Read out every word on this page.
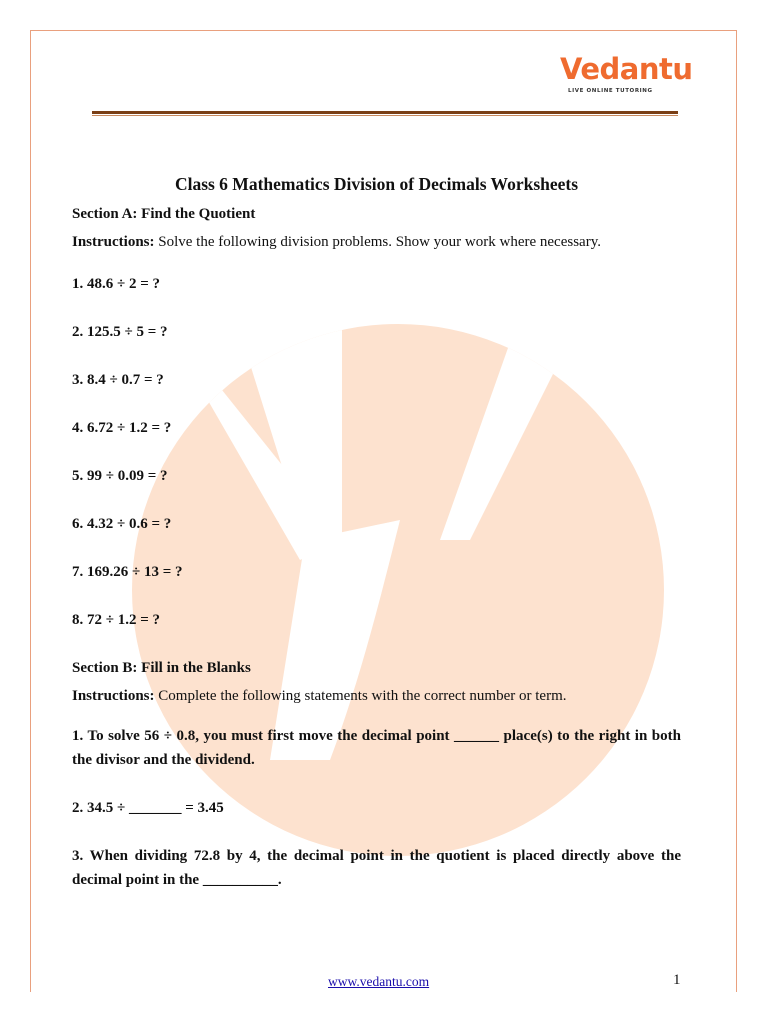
Vedantu
LIVE ONLINE TUTORING
Class 6 Mathematics Division of Decimals Worksheets
Section A: Find the Quotient

Instructions: Solve the following division problems. Show your work where necessary.

1. 48.6 ÷ 2 = ?
2. 125.5 ÷ 5 = ?
3. 8.4 ÷ 0.7 = ?
4. 6.72 ÷ 1.2 = ?
5. 99 ÷ 0.09 = ?
6. 4.32 ÷ 0.6 = ?
7. 169.26 ÷ 13 = ?
8. 72 ÷ 1.2 = ?
Section B: Fill in the Blanks

Instructions: Complete the following statements with the correct number or term.

1. To solve 56 ÷ 0.8, you must first move the decimal point ______ place(s) to the right in both the divisor and the dividend.
2. 34.5 ÷ _______ = 3.45
3. When dividing 72.8 by 4, the decimal point in the quotient is placed directly above the decimal point in the __________.
www.vedantu.com	1
